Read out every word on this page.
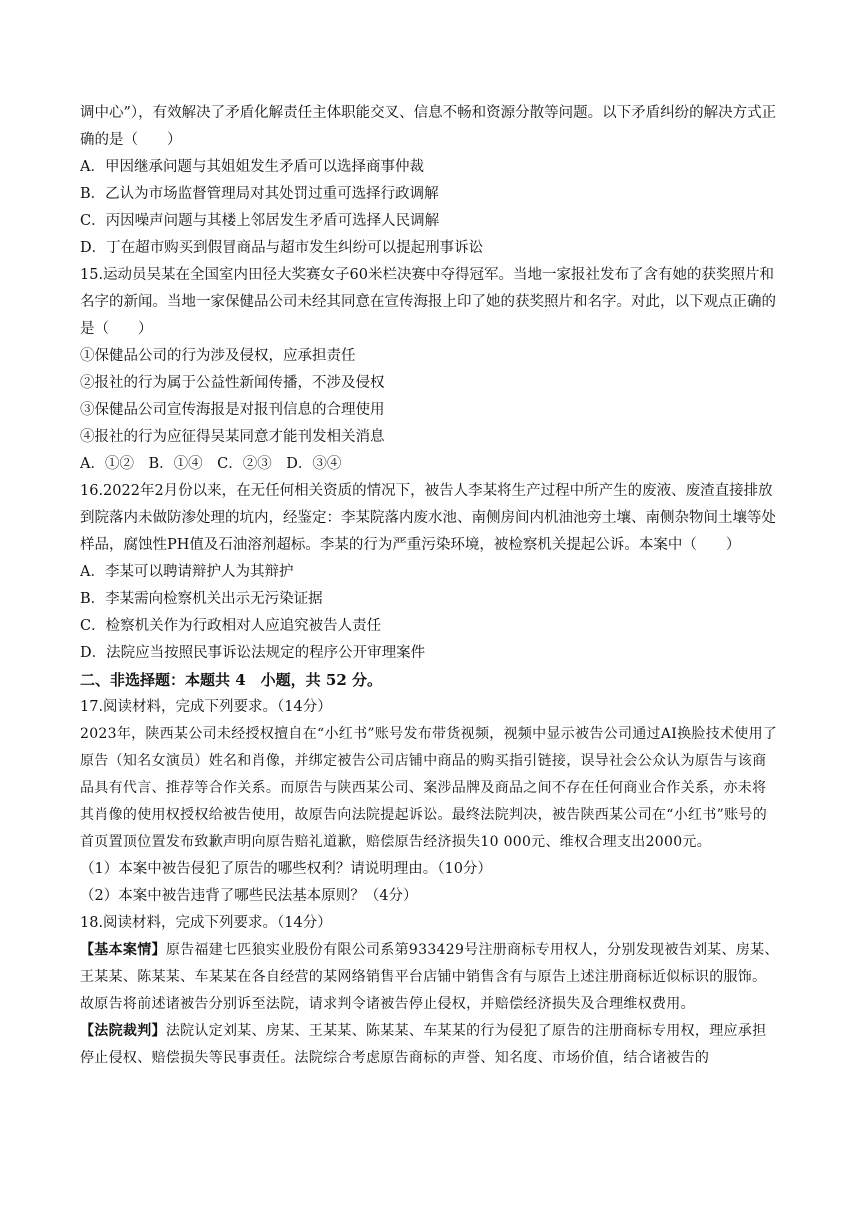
调中心”），有效解决了矛盾化解责任主体职能交叉、信息不畅和资源分散等问题。以下矛盾纠纷的解决方式正确的是（　　）

A．甲因继承问题与其姐姐发生矛盾可以选择商事仲裁

B．乙认为市场监督管理局对其处罚过重可选择行政调解

C．丙因噪声问题与其楼上邻居发生矛盾可选择人民调解

D．丁在超市购买到假冒商品与超市发生纠纷可以提起刑事诉讼

15.运动员吴某在全国室内田径大奖赛女子60米栏决赛中夺得冠军。当地一家报社发布了含有她的获奖照片和名字的新闻。当地一家保健品公司未经其同意在宣传海报上印了她的获奖照片和名字。对此，以下观点正确的是（　　）

①保健品公司的行为涉及侵权，应承担责任

②报社的行为属于公益性新闻传播，不涉及侵权

③保健品公司宣传海报是对报刊信息的合理使用

④报社的行为应征得吴某同意才能刊发相关消息

A．①②　B．①④　C．②③　D．③④

16.2022年2月份以来，在无任何相关资质的情况下，被告人李某将生产过程中所产生的废液、废渣直接排放到院落内未做防渗处理的坑内，经鉴定：李某院落内废水池、南侧房间内机油池旁土壤、南侧杂物间土壤等处样品，腐蚀性PH值及石油溶剂超标。李某的行为严重污染环境，被检察机关提起公诉。本案中（　　）

A．李某可以聘请辩护人为其辩护

B．李某需向检察机关出示无污染证据

C．检察机关作为行政相对人应追究被告人责任

D．法院应当按照民事诉讼法规定的程序公开审理案件

二、非选择题：本题共 4　小题，共 52 分。

17.阅读材料，完成下列要求。（14分）

2023年，陕西某公司未经授权擅自在“小红书”账号发布带货视频，视频中显示被告公司通过AI换脸技术使用了原告（知名女演员）姓名和肖像，并绑定被告公司店铺中商品的购买指引链接，误导社会公众认为原告与该商品具有代言、推荐等合作关系。而原告与陕西某公司、案涉品牌及商品之间不存在任何商业合作关系，亦未将其肖像的使用权授权给被告使用，故原告向法院提起诉讼。最终法院判决，被告陕西某公司在“小红书”账号的首页置顶位置发布致歉声明向原告赔礼道歉，赔偿原告经济损失10 000元、维权合理支出2000元。

（1）本案中被告侵犯了原告的哪些权利？请说明理由。（10分）

（2）本案中被告违背了哪些民法基本原则？（4分）

18.阅读材料，完成下列要求。（14分）

【基本案情】原告福建七匹狼实业股份有限公司系第933429号注册商标专用权人，分别发现被告刘某、房某、王某某、陈某某、车某某在各自经营的某网络销售平台店铺中销售含有与原告上述注册商标近似标识的服饰。故原告将前述诸被告分别诉至法院，请求判令诸被告停止侵权，并赔偿经济损失及合理维权费用。

【法院裁判】法院认定刘某、房某、王某某、陈某某、车某某的行为侵犯了原告的注册商标专用权，理应承担停止侵权、赔偿损失等民事责任。法院综合考虑原告商标的声誉、知名度、市场价值，结合诸被告的
